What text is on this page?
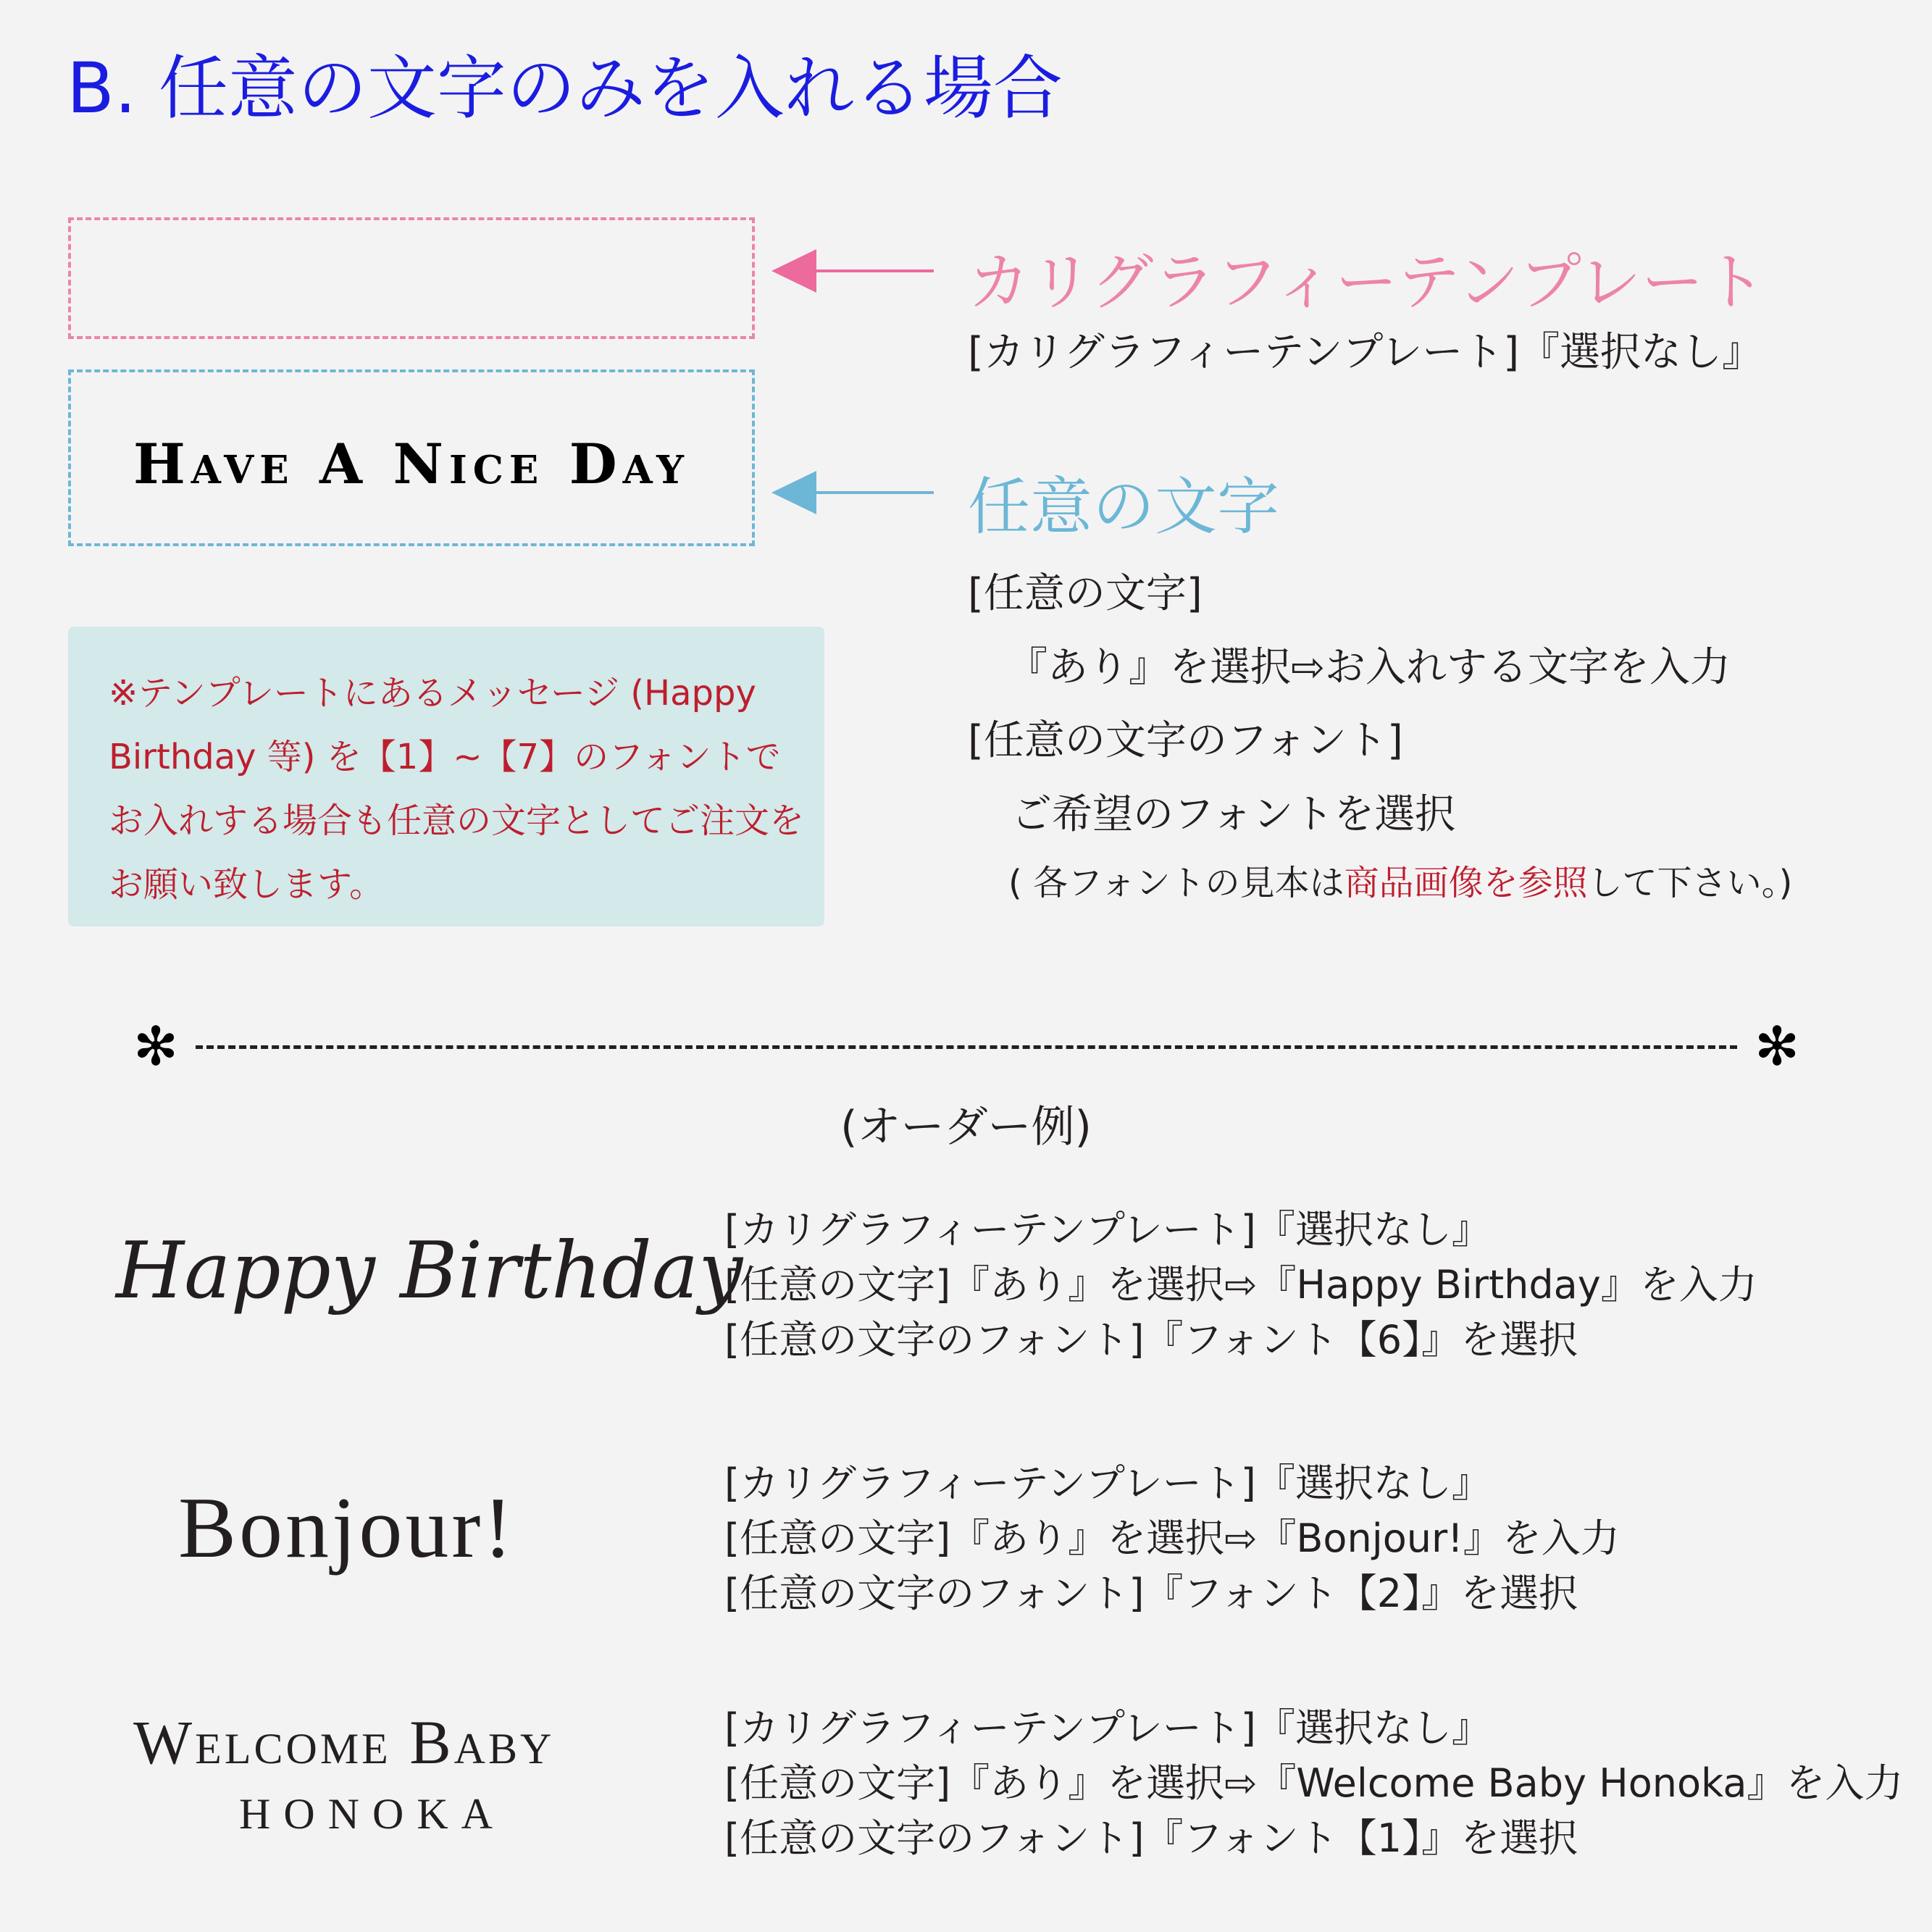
B. 任意の文字のみを入れる場合
Have A Nice Day
カリグラフィーテンプレート
[カリグラフィーテンプレート]『選択なし』
任意の文字
[任意の文字]
『あり』を選択⇨お入れする文字を入力
[任意の文字のフォント]
ご希望のフォントを選択
( 各フォントの見本は商品画像を参照して下さい。)
※テンプレートにあるメッセージ (Happy Birthday 等) を【1】~【7】のフォントでお入れする場合も任意の文字としてご注文をお願い致します。
✻	✻
(オーダー例)
Happy Birthday
[カリグラフィーテンプレート]『選択なし』
[任意の文字]『あり』を選択⇨『Happy Birthday』を入力
[任意の文字のフォント]『フォント【6】』を選択
Bonjour!	[カリグラフィーテンプレート]『選択なし』
[任意の文字]『あり』を選択⇨『Bonjour!』を入力
[任意の文字のフォント]『フォント【2】』を選択
Welcome Baby
HONOKA
[カリグラフィーテンプレート]『選択なし』
[任意の文字]『あり』を選択⇨『Welcome Baby Honoka』を入力
[任意の文字のフォント]『フォント【1】』を選択
